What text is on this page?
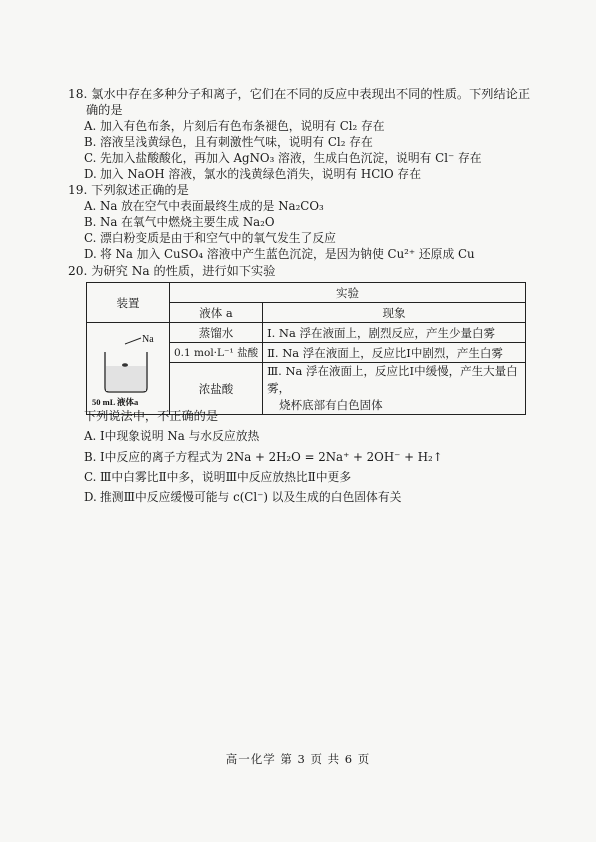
18. 氯水中存在多种分子和离子，它们在不同的反应中表现出不同的性质。下列结论正
确的是
A. 加入有色布条，片刻后有色布条褪色，说明有 Cl₂ 存在
B. 溶液呈浅黄绿色，且有刺激性气味，说明有 Cl₂ 存在
C. 先加入盐酸酸化，再加入 AgNO₃ 溶液，生成白色沉淀，说明有 Cl⁻ 存在
D. 加入 NaOH 溶液，氯水的浅黄绿色消失，说明有 HClO 存在
19. 下列叙述正确的是
A. Na 放在空气中表面最终生成的是 Na₂CO₃
B. Na 在氧气中燃烧主要生成 Na₂O
C. 漂白粉变质是由于和空气中的氧气发生了反应
D. 将 Na 加入 CuSO₄ 溶液中产生蓝色沉淀，是因为钠使 Cu²⁺ 还原成 Cu
20. 为研究 Na 的性质，进行如下实验
装置	实验	
	液体 a	现象

Na
50 mL 液体a	蒸馏水	Ⅰ. Na 浮在液面上，剧烈反应，产生少量白雾
	0.1 mol·L⁻¹ 盐酸	Ⅱ. Na 浮在液面上，反应比Ⅰ中剧烈，产生白雾
	浓盐酸	Ⅲ. Na 浮在液面上，反应比Ⅰ中缓慢，产生大量白雾，
烧杯底部有白色固体
下列说法中，不正确的是
A. Ⅰ中现象说明 Na 与水反应放热
B. Ⅰ中反应的离子方程式为 2Na + 2H₂O = 2Na⁺ + 2OH⁻ + H₂↑
C. Ⅲ中白雾比Ⅱ中多，说明Ⅲ中反应放热比Ⅱ中更多
D. 推测Ⅲ中反应缓慢可能与 c(Cl⁻) 以及生成的白色固体有关
高一化学 第 3 页 共 6 页
